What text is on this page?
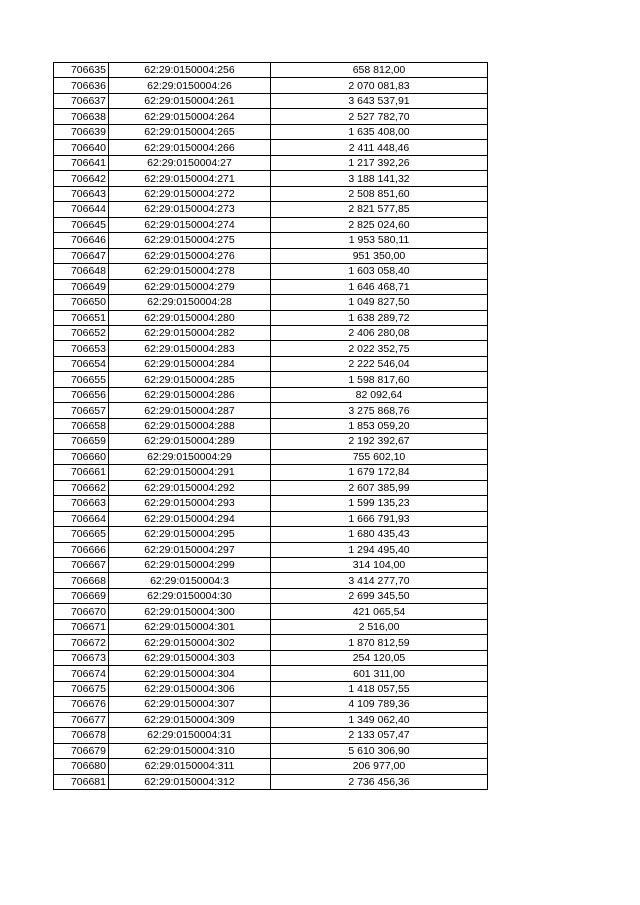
706635	62:29:0150004:256	658 812,00
706636	62:29:0150004:26	2 070 081,83
706637	62:29:0150004:261	3 643 537,91
706638	62:29:0150004:264	2 527 782,70
706639	62:29:0150004:265	1 635 408,00
706640	62:29:0150004:266	2 411 448,46
706641	62:29:0150004:27	1 217 392,26
706642	62:29:0150004:271	3 188 141,32
706643	62:29:0150004:272	2 508 851,60
706644	62:29:0150004:273	2 821 577,85
706645	62:29:0150004:274	2 825 024,60
706646	62:29:0150004:275	1 953 580,11
706647	62:29:0150004:276	951 350,00
706648	62:29:0150004:278	1 603 058,40
706649	62:29:0150004:279	1 646 468,71
706650	62:29:0150004:28	1 049 827,50
706651	62:29:0150004:280	1 638 289,72
706652	62:29:0150004:282	2 406 280,08
706653	62:29:0150004:283	2 022 352,75
706654	62:29:0150004:284	2 222 546,04
706655	62:29:0150004:285	1 598 817,60
706656	62:29:0150004:286	82 092,64
706657	62:29:0150004:287	3 275 868,76
706658	62:29:0150004:288	1 853 059,20
706659	62:29:0150004:289	2 192 392,67
706660	62:29:0150004:29	755 602,10
706661	62:29:0150004:291	1 679 172,84
706662	62:29:0150004:292	2 607 385,99
706663	62:29:0150004:293	1 599 135,23
706664	62:29:0150004:294	1 666 791,93
706665	62:29:0150004:295	1 680 435,43
706666	62:29:0150004:297	1 294 495,40
706667	62:29:0150004:299	314 104,00
706668	62:29:0150004:3	3 414 277,70
706669	62:29:0150004:30	2 699 345,50
706670	62:29:0150004:300	421 065,54
706671	62:29:0150004:301	2 516,00
706672	62:29:0150004:302	1 870 812,59
706673	62:29:0150004:303	254 120,05
706674	62:29:0150004:304	601 311,00
706675	62:29:0150004:306	1 418 057,55
706676	62:29:0150004:307	4 109 789,36
706677	62:29:0150004:309	1 349 062,40
706678	62:29:0150004:31	2 133 057,47
706679	62:29:0150004:310	5 610 306,90
706680	62:29:0150004:311	206 977,00
706681	62:29:0150004:312	2 736 456,36
